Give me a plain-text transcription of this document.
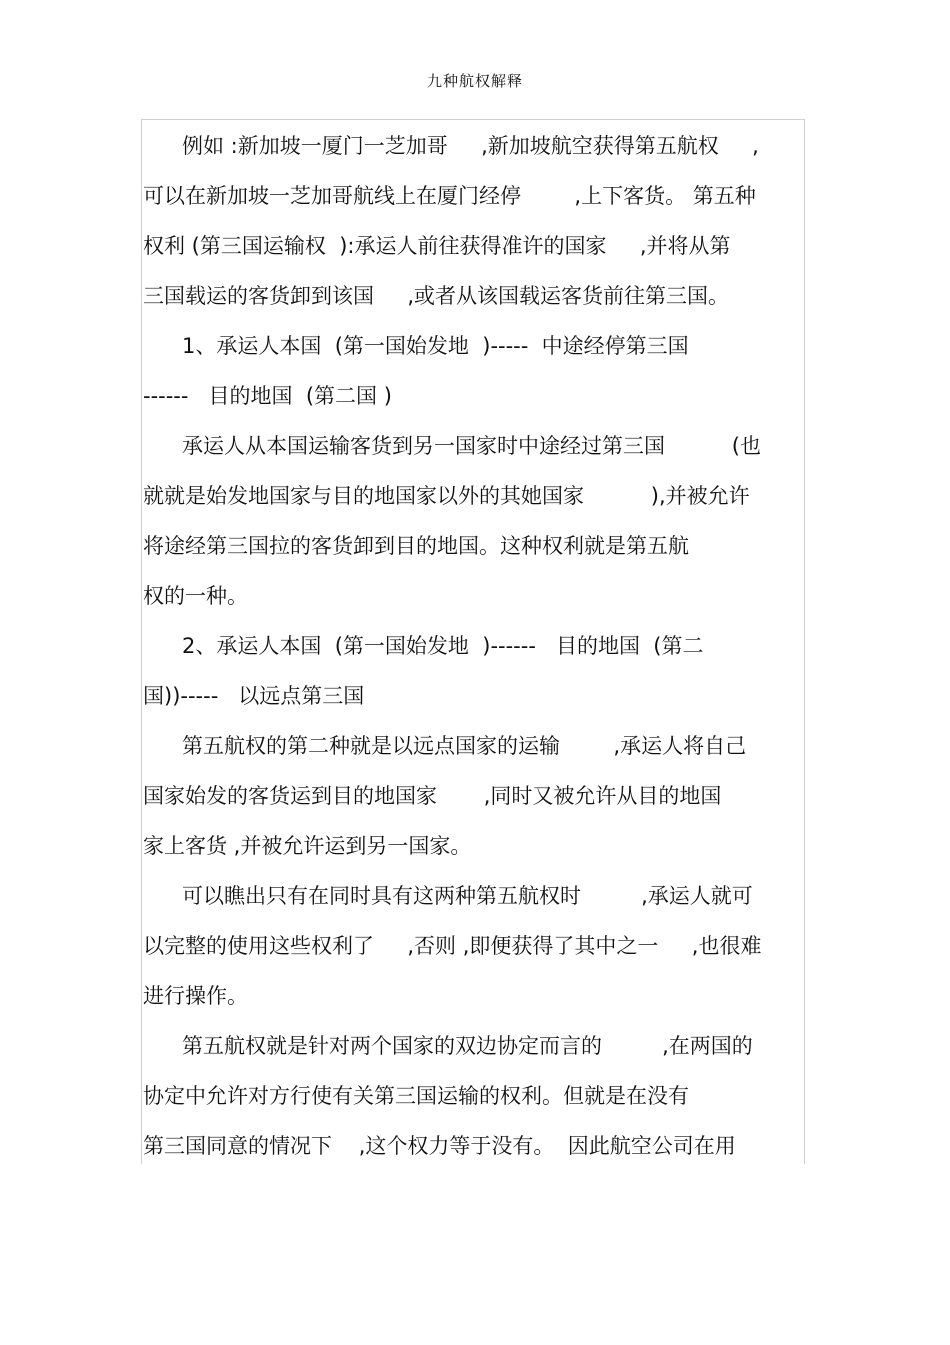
九种航权解释
例如 :新加坡一厦门一芝加哥     ,新加坡航空获得第五航权     ,
可以在新加坡一芝加哥航线上在厦门经停        ,上下客货。 第五种
权利 (第三国运输权  ):承运人前往获得准许的国家     ,并将从第
三国载运的客货卸到该国     ,或者从该国载运客货前往第三国。
1、承运人本国  (第一国始发地  )-----  中途经停第三国
------   目的地国  (第二国 )
承运人从本国运输客货到另一国家时中途经过第三国          (也
就就是始发地国家与目的地国家以外的其她国家          ),并被允许
将途经第三国拉的客货卸到目的地国。这种权利就是第五航
权的一种。
2、承运人本国  (第一国始发地  )------   目的地国  (第二
国))-----   以远点第三国
第五航权的第二种就是以远点国家的运输        ,承运人将自己
国家始发的客货运到目的地国家       ,同时又被允许从目的地国
家上客货 ,并被允许运到另一国家。
可以瞧出只有在同时具有这两种第五航权时         ,承运人就可
以完整的使用这些权利了     ,否则 ,即便获得了其中之一     ,也很难
进行操作。
第五航权就是针对两个国家的双边协定而言的         ,在两国的
协定中允许对方行使有关第三国运输的权利。但就是在没有
第三国同意的情况下    ,这个权力等于没有。  因此航空公司在用
